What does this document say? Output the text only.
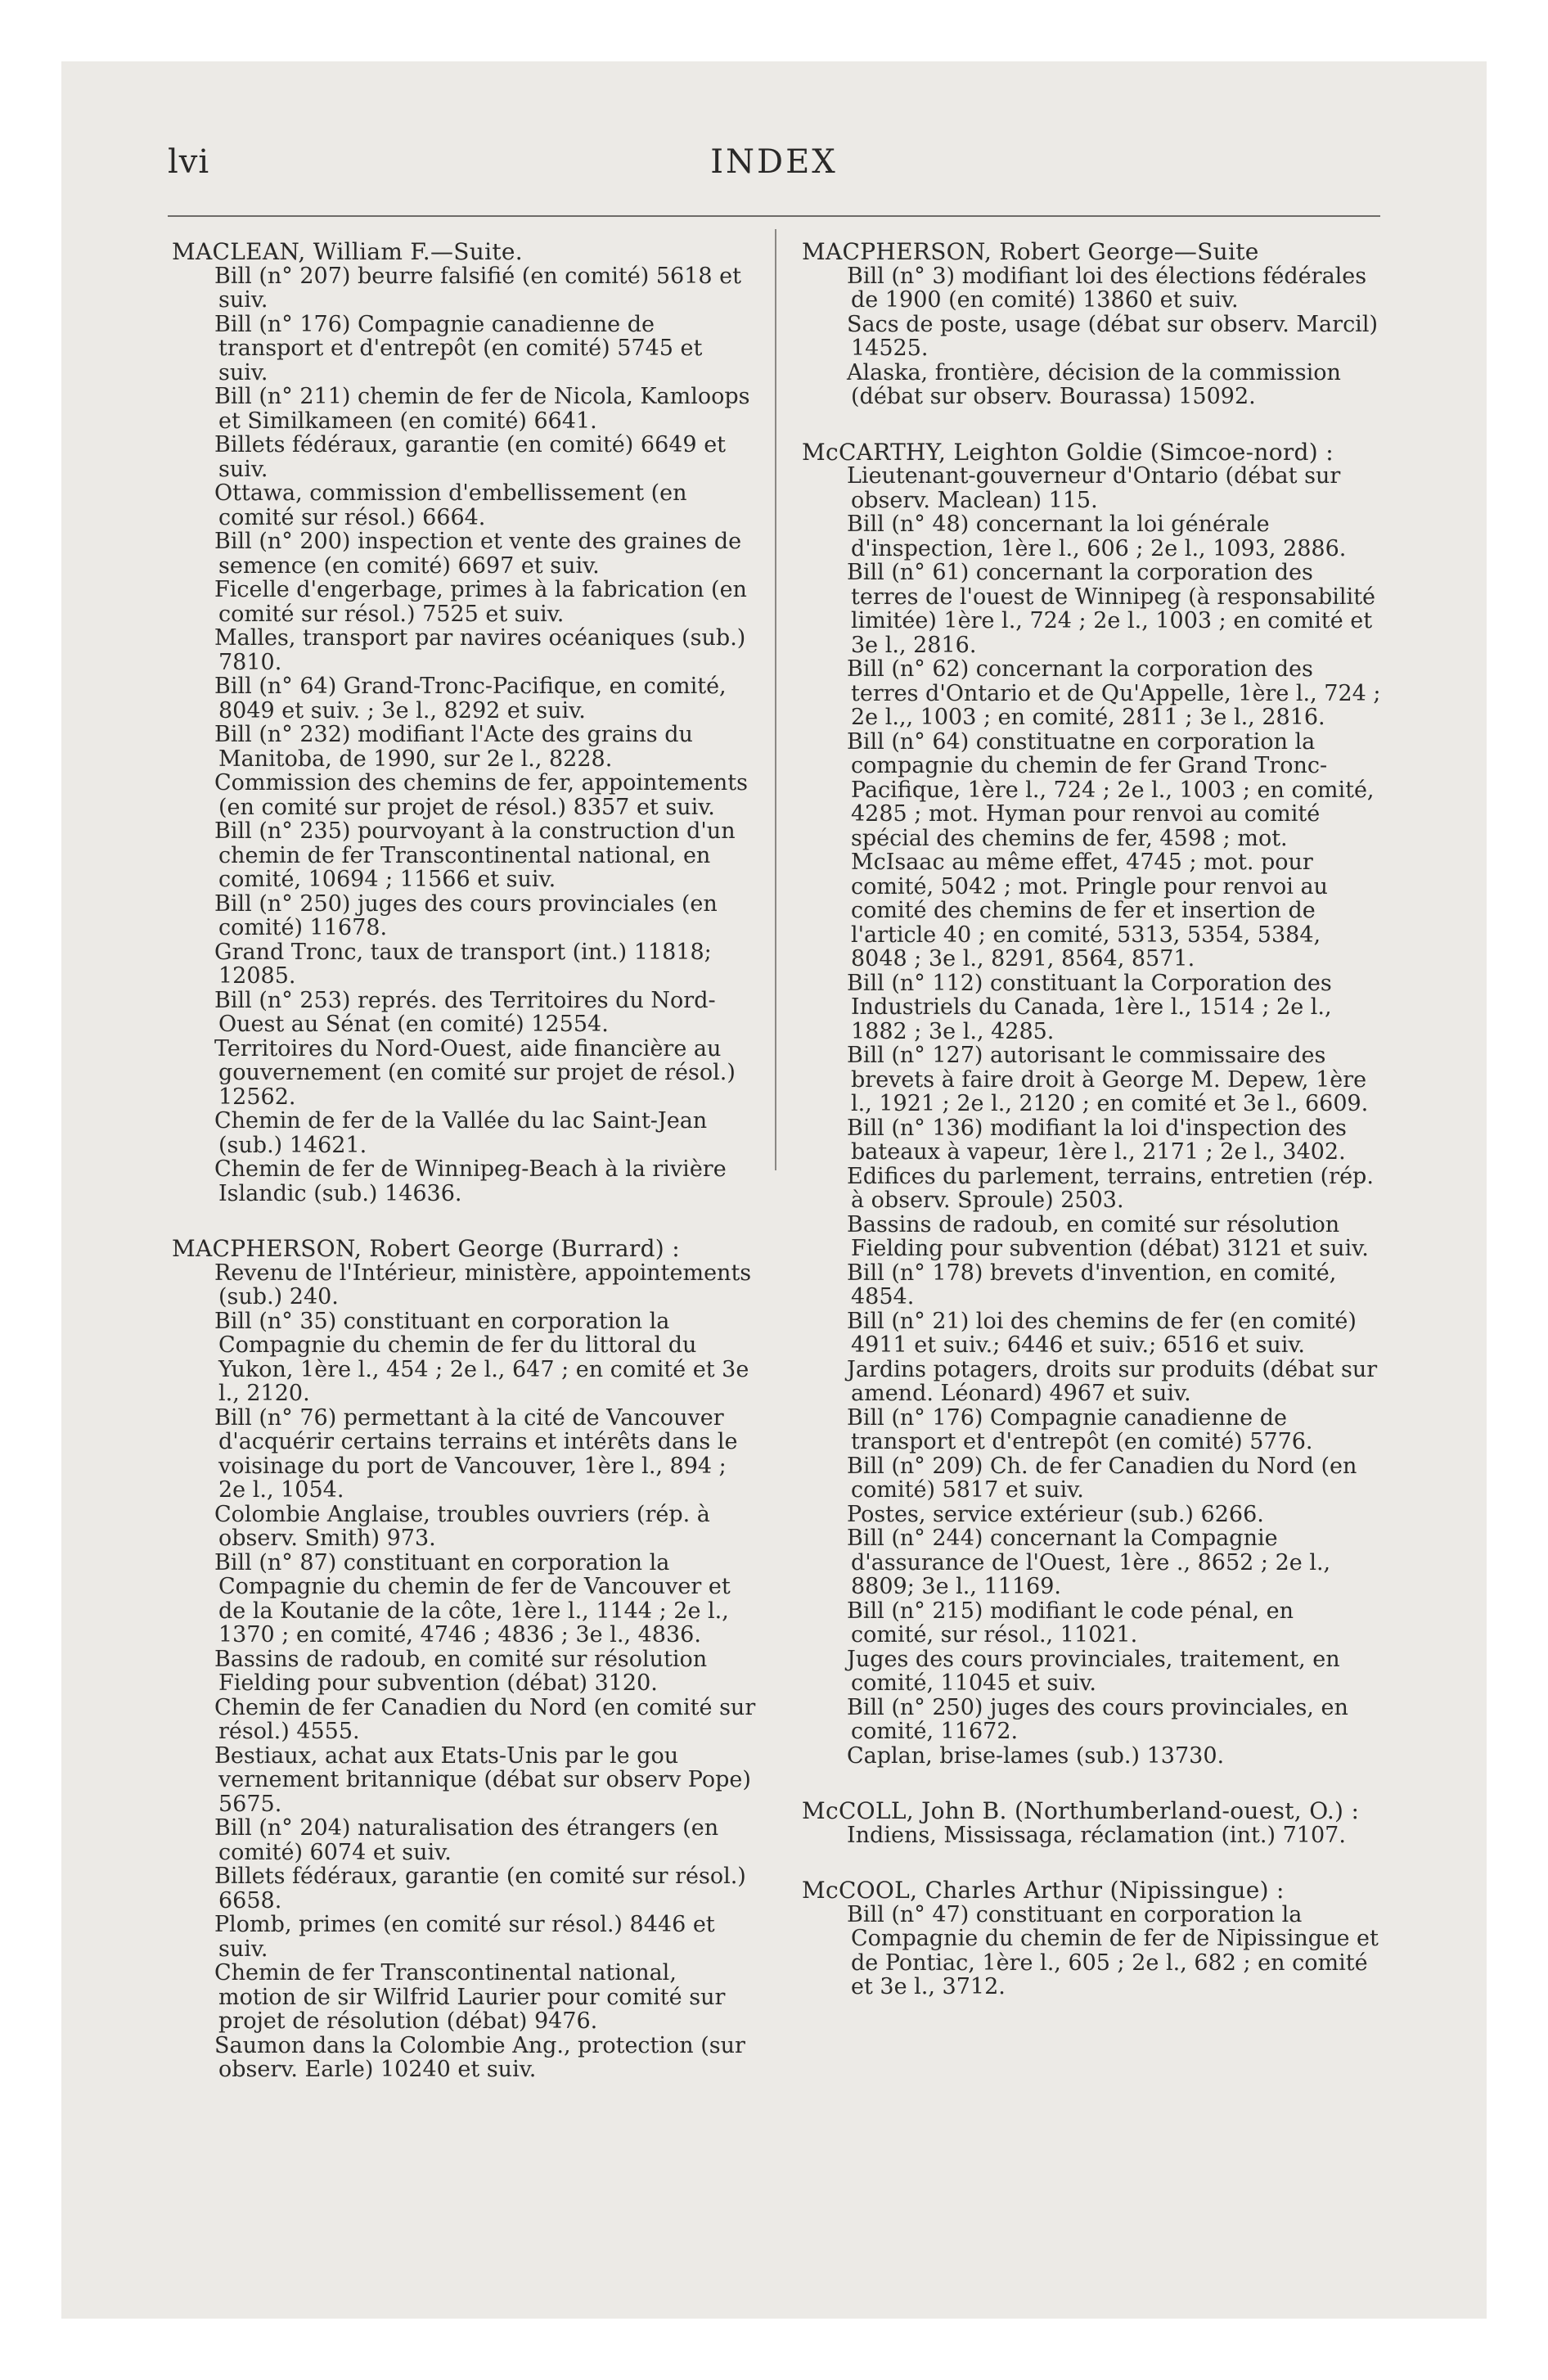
lvi	INDEX
MACLEAN, William F.—Suite.
Bill (n° 207) beurre falsifié (en comité) 5618 et suiv.
Bill (n° 176) Compagnie canadienne de transport et d'entrepôt (en comité) 5745 et suiv.
Bill (n° 211) chemin de fer de Nicola, Kamloops et Similkameen (en comité) 6641.
Billets fédéraux, garantie (en comité) 6649 et suiv.
Ottawa, commission d'embellissement (en comité sur résol.) 6664.
Bill (n° 200) inspection et vente des graines de semence (en comité) 6697 et suiv.
Ficelle d'engerbage, primes à la fabrication (en comité sur résol.) 7525 et suiv.
Malles, transport par navires océaniques (sub.) 7810.
Bill (n° 64) Grand-Tronc-Pacifique, en comité, 8049 et suiv. ; 3e l., 8292 et suiv.
Bill (n° 232) modifiant l'Acte des grains du Manitoba, de 1990, sur 2e l., 8228.
Commission des chemins de fer, appointements (en comité sur projet de résol.) 8357 et suiv.
Bill (n° 235) pourvoyant à la construction d'un chemin de fer Transcontinental national, en comité, 10694 ; 11566 et suiv.
Bill (n° 250) juges des cours provinciales (en comité) 11678.
Grand Tronc, taux de transport (int.) 11818; 12085.
Bill (n° 253) représ. des Territoires du Nord-Ouest au Sénat (en comité) 12554.
Territoires du Nord-Ouest, aide financière au gouvernement (en comité sur projet de résol.) 12562.
Chemin de fer de la Vallée du lac Saint-Jean (sub.) 14621.
Chemin de fer de Winnipeg-Beach à la rivière Islandic (sub.) 14636.
MACPHERSON, Robert George (Burrard) :
Revenu de l'Intérieur, ministère, appointements (sub.) 240.
Bill (n° 35) constituant en corporation la Compagnie du chemin de fer du littoral du Yukon, 1ère l., 454 ; 2e l., 647 ; en comité et 3e l., 2120.
Bill (n° 76) permettant à la cité de Vancouver d'acquérir certains terrains et intérêts dans le voisinage du port de Vancouver, 1ère l., 894 ; 2e l., 1054.
Colombie Anglaise, troubles ouvriers (rép. à observ. Smith) 973.
Bill (n° 87) constituant en corporation la Compagnie du chemin de fer de Vancouver et de la Koutanie de la côte, 1ère l., 1144 ; 2e l., 1370 ; en comité, 4746 ; 4836 ; 3e l., 4836.
Bassins de radoub, en comité sur résolution Fielding pour subvention (débat) 3120.
Chemin de fer Canadien du Nord (en comité sur résol.) 4555.
Bestiaux, achat aux Etats-Unis par le gou vernement britannique (débat sur observ Pope) 5675.
Bill (n° 204) naturalisation des étrangers (en comité) 6074 et suiv.
Billets fédéraux, garantie (en comité sur résol.) 6658.
Plomb, primes (en comité sur résol.) 8446 et suiv.
Chemin de fer Transcontinental national, motion de sir Wilfrid Laurier pour comité sur projet de résolution (débat) 9476.
Saumon dans la Colombie Ang., protection (sur observ. Earle) 10240 et suiv.
MACPHERSON, Robert George—Suite
Bill (n° 3) modifiant loi des élections fédérales de 1900 (en comité) 13860 et suiv.
Sacs de poste, usage (débat sur observ. Marcil) 14525.
Alaska, frontière, décision de la commission (débat sur observ. Bourassa) 15092.
McCARTHY, Leighton Goldie (Simcoe-nord) :
Lieutenant-gouverneur d'Ontario (débat sur observ. Maclean) 115.
Bill (n° 48) concernant la loi générale d'inspection, 1ère l., 606 ; 2e l., 1093, 2886.
Bill (n° 61) concernant la corporation des terres de l'ouest de Winnipeg (à responsabilité limitée) 1ère l., 724 ; 2e l., 1003 ; en comité et 3e l., 2816.
Bill (n° 62) concernant la corporation des terres d'Ontario et de Qu'Appelle, 1ère l., 724 ; 2e l.,, 1003 ; en comité, 2811 ; 3e l., 2816.
Bill (n° 64) constituatne en corporation la compagnie du chemin de fer Grand Tronc-Pacifique, 1ère l., 724 ; 2e l., 1003 ; en comité, 4285 ; mot. Hyman pour renvoi au comité spécial des chemins de fer, 4598 ; mot. McIsaac au même effet, 4745 ; mot. pour comité, 5042 ; mot. Pringle pour renvoi au comité des chemins de fer et insertion de l'article 40 ; en comité, 5313, 5354, 5384, 8048 ; 3e l., 8291, 8564, 8571.
Bill (n° 112) constituant la Corporation des Industriels du Canada, 1ère l., 1514 ; 2e l., 1882 ; 3e l., 4285.
Bill (n° 127) autorisant le commissaire des brevets à faire droit à George M. Depew, 1ère l., 1921 ; 2e l., 2120 ; en comité et 3e l., 6609.
Bill (n° 136) modifiant la loi d'inspection des bateaux à vapeur, 1ère l., 2171 ; 2e l., 3402.
Edifices du parlement, terrains, entretien (rép. à observ. Sproule) 2503.
Bassins de radoub, en comité sur résolution Fielding pour subvention (débat) 3121 et suiv.
Bill (n° 178) brevets d'invention, en comité, 4854.
Bill (n° 21) loi des chemins de fer (en comité) 4911 et suiv.; 6446 et suiv.; 6516 et suiv.
Jardins potagers, droits sur produits (débat sur amend. Léonard) 4967 et suiv.
Bill (n° 176) Compagnie canadienne de transport et d'entrepôt (en comité) 5776.
Bill (n° 209) Ch. de fer Canadien du Nord (en comité) 5817 et suiv.
Postes, service extérieur (sub.) 6266.
Bill (n° 244) concernant la Compagnie d'assurance de l'Ouest, 1ère ., 8652 ; 2e l., 8809; 3e l., 11169.
Bill (n° 215) modifiant le code pénal, en comité, sur résol., 11021.
Juges des cours provinciales, traitement, en comité, 11045 et suiv.
Bill (n° 250) juges des cours provinciales, en comité, 11672.
Caplan, brise-lames (sub.) 13730.
McCOLL, John B. (Northumberland-ouest, O.) :
Indiens, Mississaga, réclamation (int.) 7107.
McCOOL, Charles Arthur (Nipissingue) :
Bill (n° 47) constituant en corporation la Compagnie du chemin de fer de Nipissingue et de Pontiac, 1ère l., 605 ; 2e l., 682 ; en comité et 3e l., 3712.
